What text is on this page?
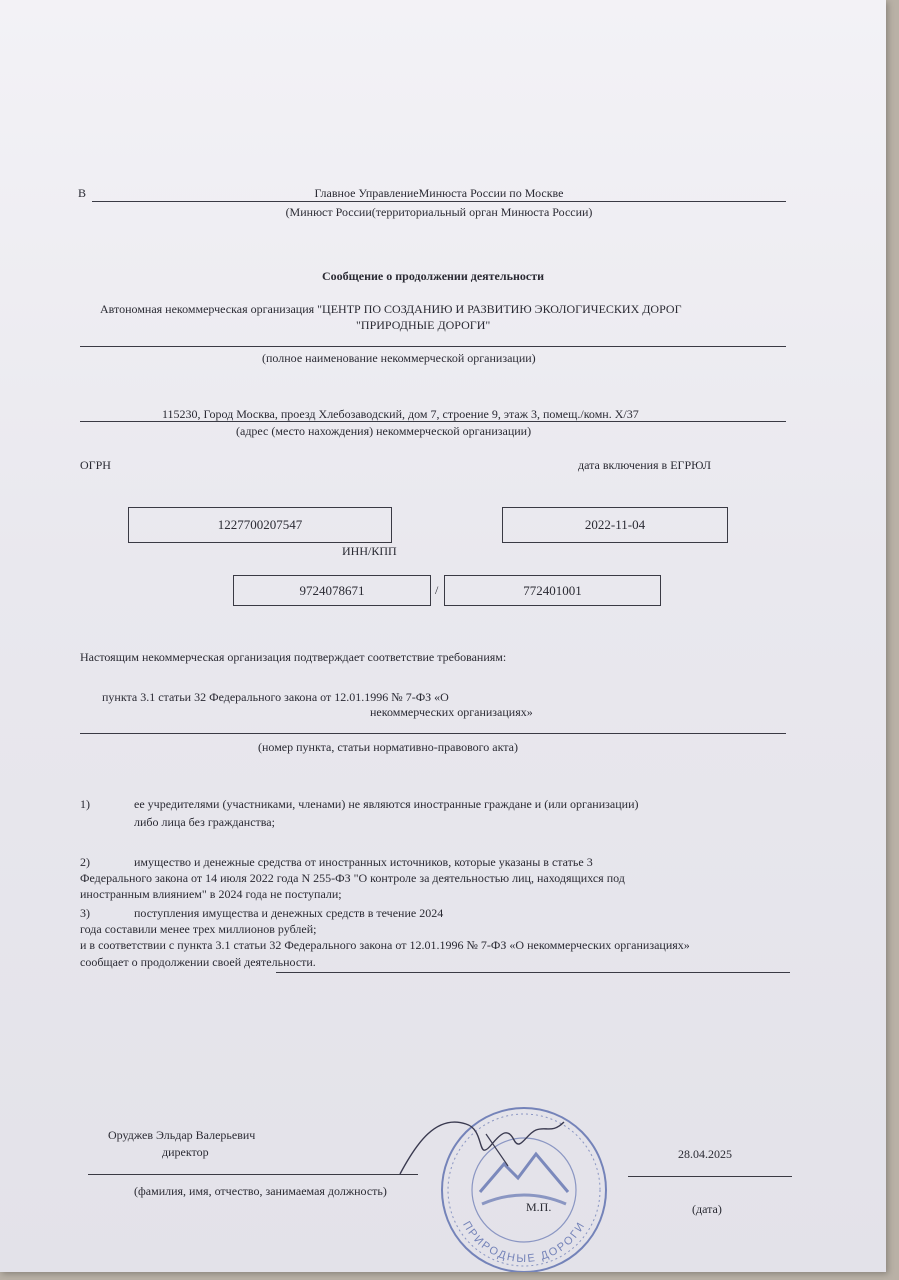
В	Главное УправлениеМинюста России по Москве
(Минюст России(территориальный орган Минюста России)
Сообщение о продолжении деятельности
Автономная некоммерческая организация "ЦЕНТР ПО СОЗДАНИЮ И РАЗВИТИЮ ЭКОЛОГИЧЕСКИХ ДОРОГ
"ПРИРОДНЫЕ ДОРОГИ"
(полное наименование некоммерческой организации)
115230, Город Москва, проезд Хлебозаводский, дом 7, строение 9, этаж 3, помещ./комн. Х/37
(адрес (место нахождения) некоммерческой организации)
ОГРН	дата включения в ЕГРЮЛ
1227700207547	2022-11-04
ИНН/КПП
9724078671	/	772401001
Настоящим некоммерческая организация подтверждает соответствие требованиям:
пункта 3.1 статьи 32 Федерального закона от 12.01.1996 № 7-ФЗ «О
некоммерческих организациях»
(номер пункта, статьи нормативно-правового акта)
1)	ее учредителями (участниками, членами) не являются иностранные граждане и (или организации)
либо лица без гражданства;
2)	имущество и денежные средства от иностранных источников, которые указаны в статье 3
Федерального закона от 14 июля 2022 года N 255-ФЗ "О контроле за деятельностью лиц, находящихся под
иностранным влиянием" в 2024 года не поступали;
3)	поступления имущества и денежных средств в течение 2024
года составили менее трех миллионов рублей;
и в соответствии с пункта 3.1 статьи 32 Федерального закона от 12.01.1996 № 7-ФЗ «О некоммерческих организациях»
сообщает о продолжении своей деятельности.
Оруджев Эльдар Валерьевич
директор
(фамилия, имя, отчество, занимаемая должность)
28.04.2025
(дата)
ПРИРОДНЫЕ ДОРОГИ
М.П.
